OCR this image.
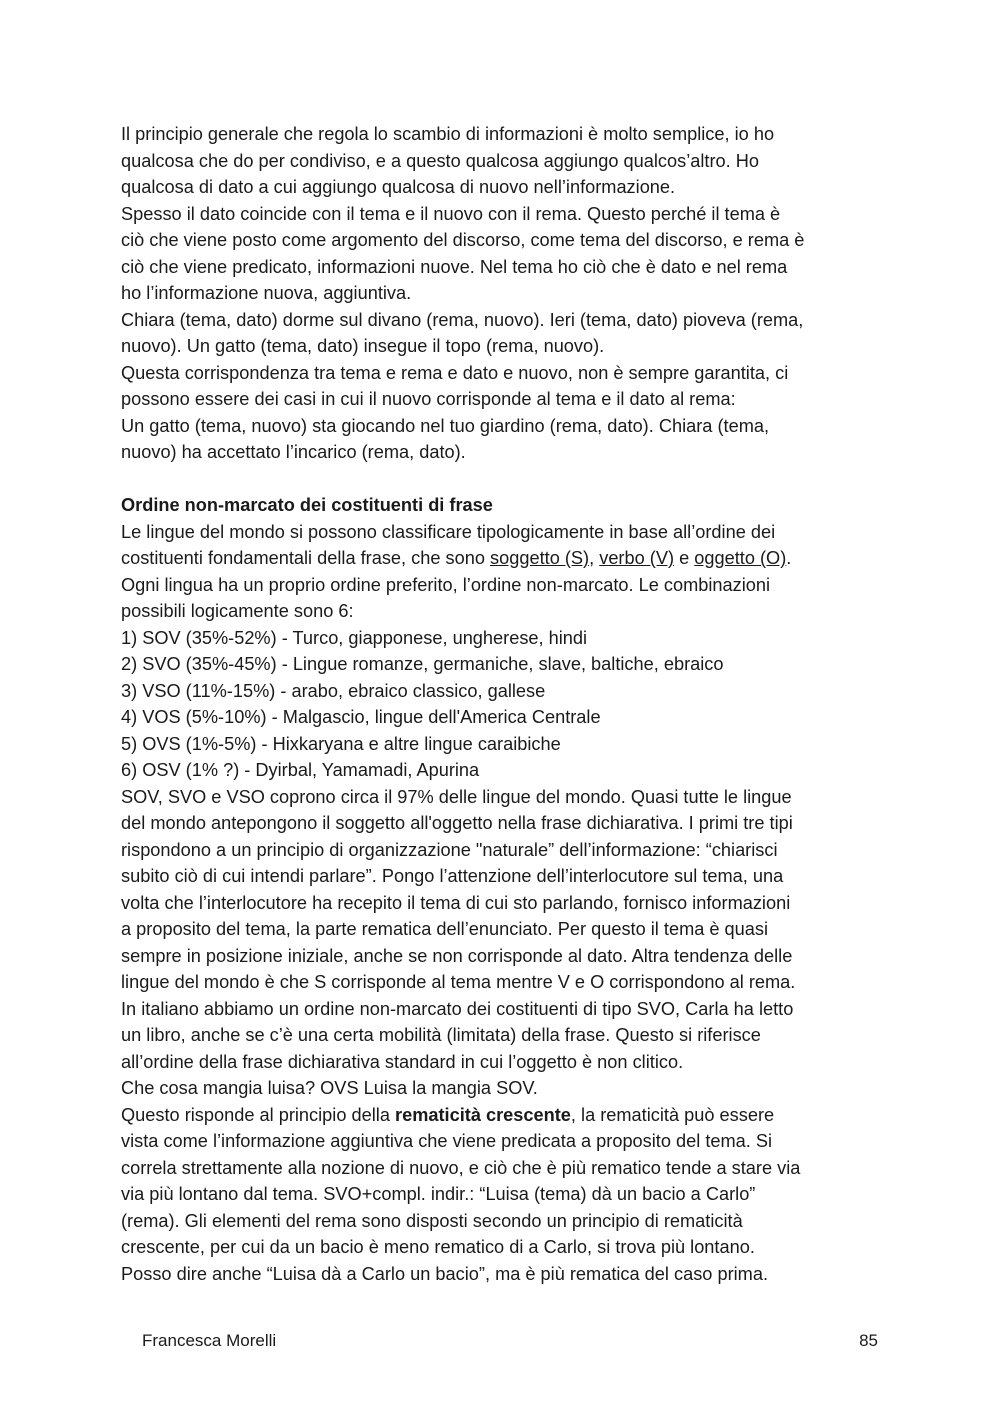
Il principio generale che regola lo scambio di informazioni è molto semplice, io ho
qualcosa che do per condiviso, e a questo qualcosa aggiungo qualcos’altro. Ho
qualcosa di dato a cui aggiungo qualcosa di nuovo nell’informazione.
Spesso il dato coincide con il tema e il nuovo con il rema. Questo perché il tema è
ciò che viene posto come argomento del discorso, come tema del discorso, e rema è
ciò che viene predicato, informazioni nuove. Nel tema ho ciò che è dato e nel rema
ho l’informazione nuova, aggiuntiva.
Chiara (tema, dato) dorme sul divano (rema, nuovo). Ieri (tema, dato) pioveva (rema,
nuovo). Un gatto (tema, dato) insegue il topo (rema, nuovo).
Questa corrispondenza tra tema e rema e dato e nuovo, non è sempre garantita, ci
possono essere dei casi in cui il nuovo corrisponde al tema e il dato al rema:
Un gatto (tema, nuovo) sta giocando nel tuo giardino (rema, dato). Chiara (tema,
nuovo) ha accettato l’incarico (rema, dato).
Ordine non-marcato dei costituenti di frase
Le lingue del mondo si possono classificare tipologicamente in base all’ordine dei
costituenti fondamentali della frase, che sono soggetto (S), verbo (V) e oggetto (O).
Ogni lingua ha un proprio ordine preferito, l’ordine non-marcato. Le combinazioni
possibili logicamente sono 6:
1) SOV (35%-52%) - Turco, giapponese, ungherese, hindi
2) SVO (35%-45%) - Lingue romanze, germaniche, slave, baltiche, ebraico
3) VSO (11%-15%) - arabo, ebraico classico, gallese
4) VOS (5%-10%) - Malgascio, lingue dell'America Centrale
5) OVS (1%-5%) - Hixkaryana e altre lingue caraibiche
6) OSV (1% ?) - Dyirbal, Yamamadi, Apurina
SOV, SVO e VSO coprono circa il 97% delle lingue del mondo. Quasi tutte le lingue
del mondo antepongono il soggetto all'oggetto nella frase dichiarativa. I primi tre tipi
rispondono a un principio di organizzazione "naturale” dell’informazione: “chiarisci
subito ciò di cui intendi parlare”. Pongo l’attenzione dell’interlocutore sul tema, una
volta che l’interlocutore ha recepito il tema di cui sto parlando, fornisco informazioni
a proposito del tema, la parte rematica dell’enunciato. Per questo il tema è quasi
sempre in posizione iniziale, anche se non corrisponde al dato. Altra tendenza delle
lingue del mondo è che S corrisponde al tema mentre V e O corrispondono al rema.
In italiano abbiamo un ordine non-marcato dei costituenti di tipo SVO, Carla ha letto
un libro, anche se c’è una certa mobilità (limitata) della frase. Questo si riferisce
all’ordine della frase dichiarativa standard in cui l’oggetto è non clitico.
Che cosa mangia luisa? OVS Luisa la mangia SOV.
Questo risponde al principio della rematicità crescente, la rematicità può essere
vista come l’informazione aggiuntiva che viene predicata a proposito del tema. Si
correla strettamente alla nozione di nuovo, e ciò che è più rematico tende a stare via
via più lontano dal tema. SVO+compl. indir.: “Luisa (tema) dà un bacio a Carlo”
(rema). Gli elementi del rema sono disposti secondo un principio di rematicità
crescente, per cui da un bacio è meno rematico di a Carlo, si trova più lontano.
Posso dire anche “Luisa dà a Carlo un bacio”, ma è più rematica del caso prima.
Francesca Morelli	85
